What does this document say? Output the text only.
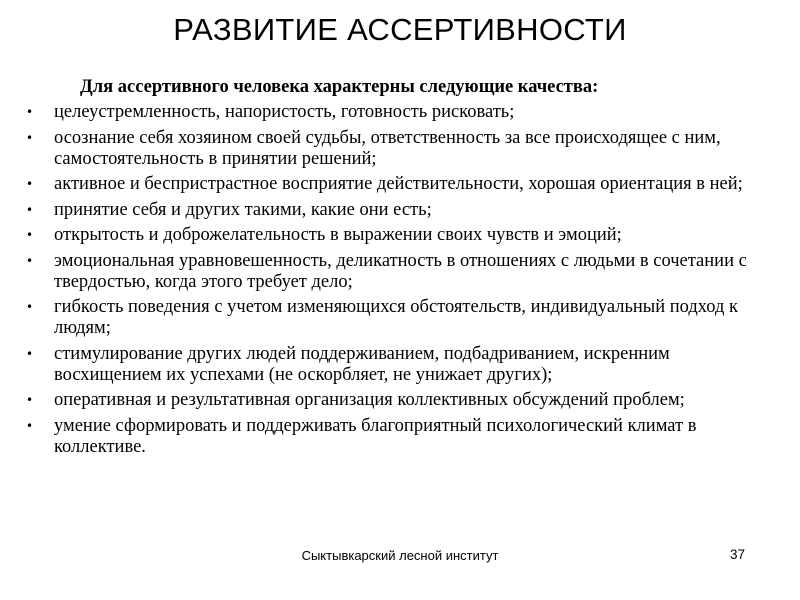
РАЗВИТИЕ АССЕРТИВНОСТИ

Для ассертивного человека характерны следующие качества:

• целеустремленность, напористость, готовность рисковать;
• осознание себя хозяином своей судьбы, ответственность за все происходящее с ним, самостоятельность в принятии решений;
• активное и беспристрастное восприятие действительности, хорошая ориентация в ней;
• принятие себя и других такими, какие они есть;
• открытость и доброжелательность в выражении своих чувств и эмоций;
• эмоциональная уравновешенность, деликатность в отношениях с людьми в сочетании с твердостью, когда этого требует дело;
• гибкость поведения с учетом изменяющихся обстоятельств, индивидуальный подход к людям;
• стимулирование других людей поддерживанием, подбадриванием, искренним восхищением их успехами (не оскорбляет, не унижает других);
• оперативная и результативная организация коллективных обсуждений проблем;
• умение сформировать и поддерживать благоприятный психологический климат в коллективе.
Сыктывкарский лесной институт	37
